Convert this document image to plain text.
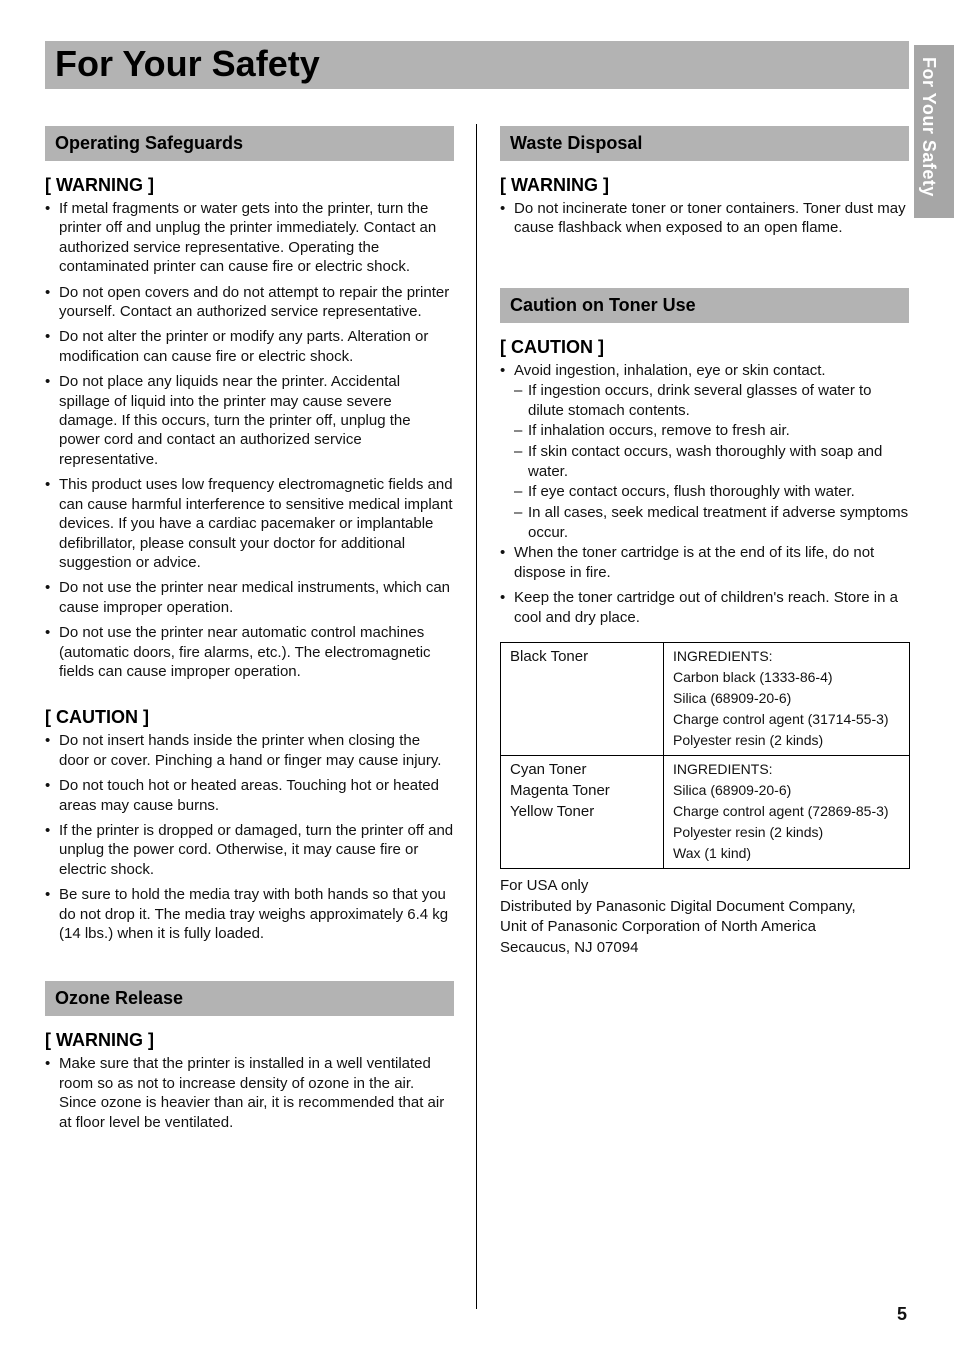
For Your Safety	For Your Safety
Operating Safeguards
[ WARNING ]
• If metal fragments or water gets into the printer, turn the printer off and unplug the printer immediately. Contact an authorized service representative. Operating the contaminated printer can cause fire or electric shock.
• Do not open covers and do not attempt to repair the printer yourself. Contact an authorized service representative.
• Do not alter the printer or modify any parts. Alteration or modification can cause fire or electric shock.
• Do not place any liquids near the printer. Accidental spillage of liquid into the printer may cause severe damage. If this occurs, turn the printer off, unplug the power cord and contact an authorized service representative.
• This product uses low frequency electromagnetic fields and can cause harmful interference to sensitive medical implant devices. If you have a cardiac pacemaker or implantable defibrillator, please consult your doctor for additional suggestion or advice.
• Do not use the printer near medical instruments, which can cause improper operation.
• Do not use the printer near automatic control machines (automatic doors, fire alarms, etc.). The electromagnetic fields can cause improper operation.
[ CAUTION ]
• Do not insert hands inside the printer when closing the door or cover. Pinching a hand or finger may cause injury.
• Do not touch hot or heated areas. Touching hot or heated areas may cause burns.
• If the printer is dropped or damaged, turn the printer off and unplug the power cord. Otherwise, it may cause fire or electric shock.
• Be sure to hold the media tray with both hands so that you do not drop it. The media tray weighs approximately 6.4 kg (14 lbs.) when it is fully loaded.
Ozone Release
[ WARNING ]
• Make sure that the printer is installed in a well ventilated room so as not to increase density of ozone in the air. Since ozone is heavier than air, it is recommended that air at floor level be ventilated.
Waste Disposal
[ WARNING ]
• Do not incinerate toner or toner containers. Toner dust may cause flashback when exposed to an open flame.
Caution on Toner Use
[ CAUTION ]
• Avoid ingestion, inhalation, eye or skin contact.
– If ingestion occurs, drink several glasses of water to dilute stomach contents.
– If inhalation occurs, remove to fresh air.
– If skin contact occurs, wash thoroughly with soap and water.
– If eye contact occurs, flush thoroughly with water.
– In all cases, seek medical treatment if adverse symptoms occur.
• When the toner cartridge is at the end of its life, do not dispose in fire.
• Keep the toner cartridge out of children's reach. Store in a cool and dry place.
Black Toner	INGREDIENTS:
Carbon black (1333-86-4)
Silica (68909-20-6)
Charge control agent (31714-55-3)
Polyester resin (2 kinds)

Cyan Toner
Magenta Toner
Yellow Toner	INGREDIENTS:
Silica (68909-20-6)
Charge control agent (72869-85-3)
Polyester resin (2 kinds)
Wax (1 kind)
For USA only
Distributed by Panasonic Digital Document Company,
Unit of Panasonic Corporation of North America
Secaucus, NJ 07094
5
